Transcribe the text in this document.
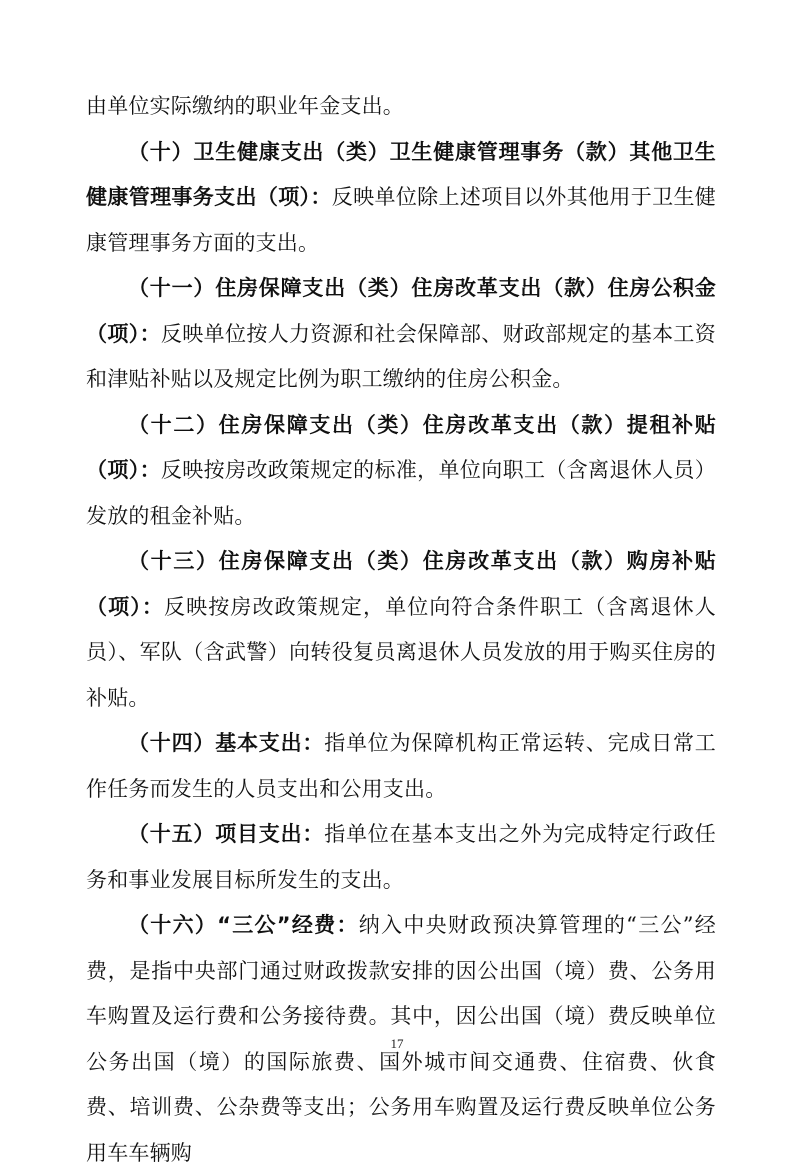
由单位实际缴纳的职业年金支出。

（十）卫生健康支出（类）卫生健康管理事务（款）其他卫生健康管理事务支出（项）：反映单位除上述项目以外其他用于卫生健康管理事务方面的支出。

（十一）住房保障支出（类）住房改革支出（款）住房公积金（项）：反映单位按人力资源和社会保障部、财政部规定的基本工资和津贴补贴以及规定比例为职工缴纳的住房公积金。

（十二）住房保障支出（类）住房改革支出（款）提租补贴（项）：反映按房改政策规定的标准，单位向职工（含离退休人员）发放的租金补贴。

（十三）住房保障支出（类）住房改革支出（款）购房补贴（项）：反映按房改政策规定，单位向符合条件职工（含离退休人员）、军队（含武警）向转役复员离退休人员发放的用于购买住房的补贴。

（十四）基本支出：指单位为保障机构正常运转、完成日常工作任务而发生的人员支出和公用支出。

（十五）项目支出：指单位在基本支出之外为完成特定行政任务和事业发展目标所发生的支出。

（十六）“三公”经费：纳入中央财政预决算管理的“三公”经费，是指中央部门通过财政拨款安排的因公出国（境）费、公务用车购置及运行费和公务接待费。其中，因公出国（境）费反映单位公务出国（境）的国际旅费、国外城市间交通费、住宿费、伙食费、培训费、公杂费等支出；公务用车购置及运行费反映单位公务用车车辆购

17
